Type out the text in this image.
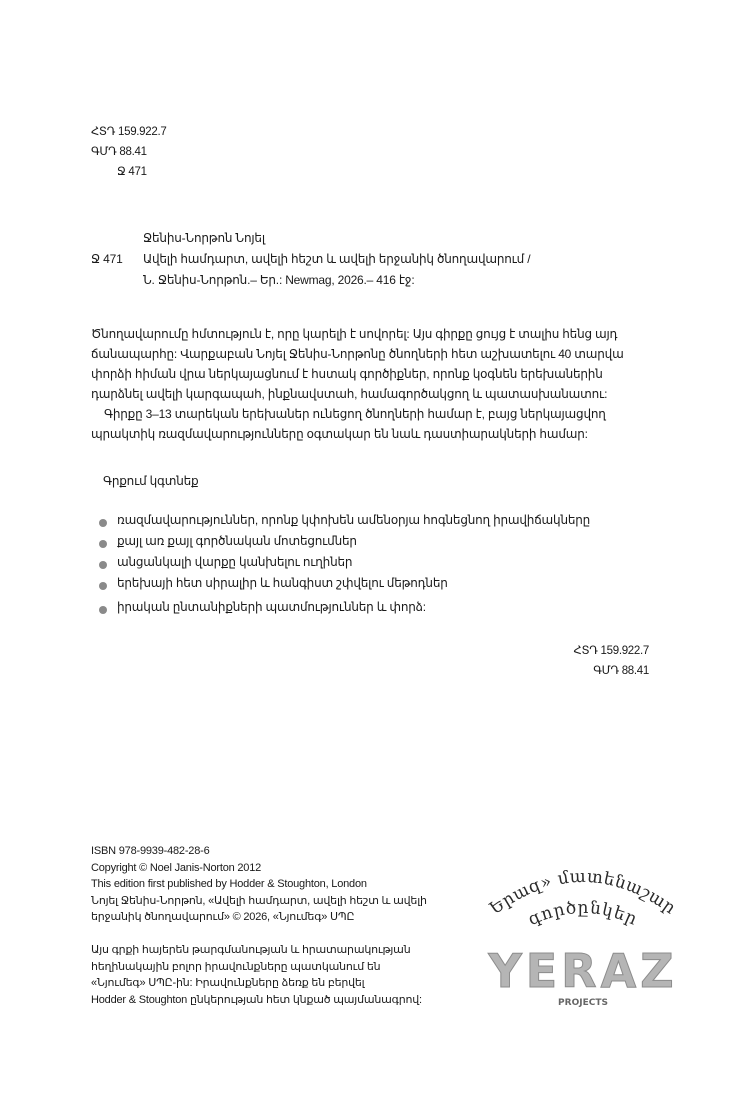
ՀՏԴ 159.922.7
ԳՄԴ 88.41
Ջ 471
Ջենիս-Նորթոն Նոյել
Ջ 471 Ավելի համդարտ, ավելի հեշտ և ավելի երջանիկ ծնողավարում /
Ն. Ջենիս-Նորթոն.– Եր.: Newmag, 2026.– 416 էջ:
Ծնողավարումը հմտություն է, որը կարելի է սովորել: Այս գիրքը ցույց է տալիս հենց այդ
ճանապարհը: Վարքաբան Նոյել Ջենիս-Նորթոնը ծնողների հետ աշխատելու 40 տարվա
փորձի հիման վրա ներկայացնում է հստակ գործիքներ, որոնք կօգնեն երեխաներին
դարձնել ավելի կարգապահ, ինքնավստահ, համագործակցող և պատասխանատու:
Գիրքը 3–13 տարեկան երեխաներ ունեցող ծնողների համար է, բայց ներկայացվող
պրակտիկ ռազմավարությունները օգտակար են նաև դաստիարակների համար:
Գրքում կգտնեք
ռազմավարություններ, որոնք կփոխեն ամենօրյա հոգնեցնող իրավիճակները
քայլ առ քայլ գործնական մոտեցումներ
անցանկալի վարքը կանխելու ուղիներ
երեխայի հետ սիրալիր և հանգիստ շփվելու մեթոդներ
իրական ընտանիքների պատմություններ և փորձ:
ՀՏԴ 159.922.7
ԳՄԴ 88.41
ISBN 978-9939-482-28-6
Copyright © Noel Janis-Norton 2012
This edition first published by Hodder & Stoughton, London
Նոյել Ջենիս-Նորթոն, «Ավելի համդարտ, ավելի հեշտ և ավելի
երջանիկ ծնողավարում» © 2026, «Նյումեգ» ՍՊԸ
Այս գրքի հայերեն թարգմանության և հրատարակության
հեղինակային բոլոր իրավունքները պատկանում են
«Նյումեգ» ՍՊԸ-ին: Իրավունքները ձեռք են բերվել
Hodder & Stoughton ընկերության հետ կնքած պայմանագրով:
Երազ» մատենաշար
գործընկեր
YERAZ
PROJECTS
